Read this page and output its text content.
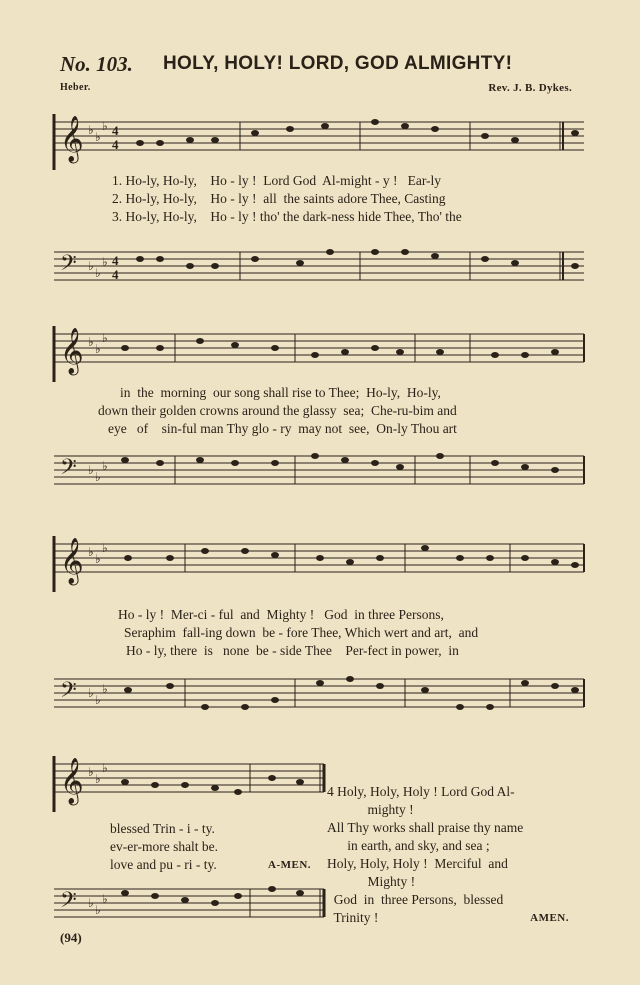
No. 103. HOLY, HOLY! LORD, GOD ALMIGHTY!
Heber.	Rev. J. B. Dykes.
𝄞 ♭ ♭
♭ 4
4
1. Ho-ly, Ho-ly,    Ho - ly !  Lord God  Al-might - y !   Ear-ly
2. Ho-ly, Ho-ly,    Ho - ly !  all  the saints adore Thee, Casting
3. Ho-ly, Ho-ly,    Ho - ly ! tho' the dark-ness hide Thee, Tho' the
𝄢 ♭ ♭
♭ 4
4
𝄞 ♭ ♭
♭
in  the  morning  our song shall rise to Thee;  Ho-ly,  Ho-ly,
down their golden crowns around the glassy  sea;  Che-ru-bim and
eye   of    sin-ful man Thy glo - ry  may not  see,  On-ly Thou art
𝄢 ♭ ♭
♭
𝄞 ♭ ♭
♭
Ho - ly !  Mer-ci - ful  and  Mighty !   God  in three Persons,
Seraphim  fall-ing down  be - fore Thee, Which wert and art,  and
Ho - ly, there  is   none  be - side Thee    Per-fect in power,  in
𝄢 ♭ ♭
♭
𝄞 ♭ ♭
♭
blessed Trin - i - ty.
ev-er-more shalt be.
love and pu - ri - ty.	A-MEN.
𝄢 ♭ ♭
♭
4 Holy, Holy, Holy ! Lord God Al-
mighty !
All Thy works shall praise thy name
in earth, and sky, and sea ;
Holy, Holy, Holy !  Merciful  and
Mighty !
God  in  three Persons,  blessed
Trinity !	AMEN.
(94)
